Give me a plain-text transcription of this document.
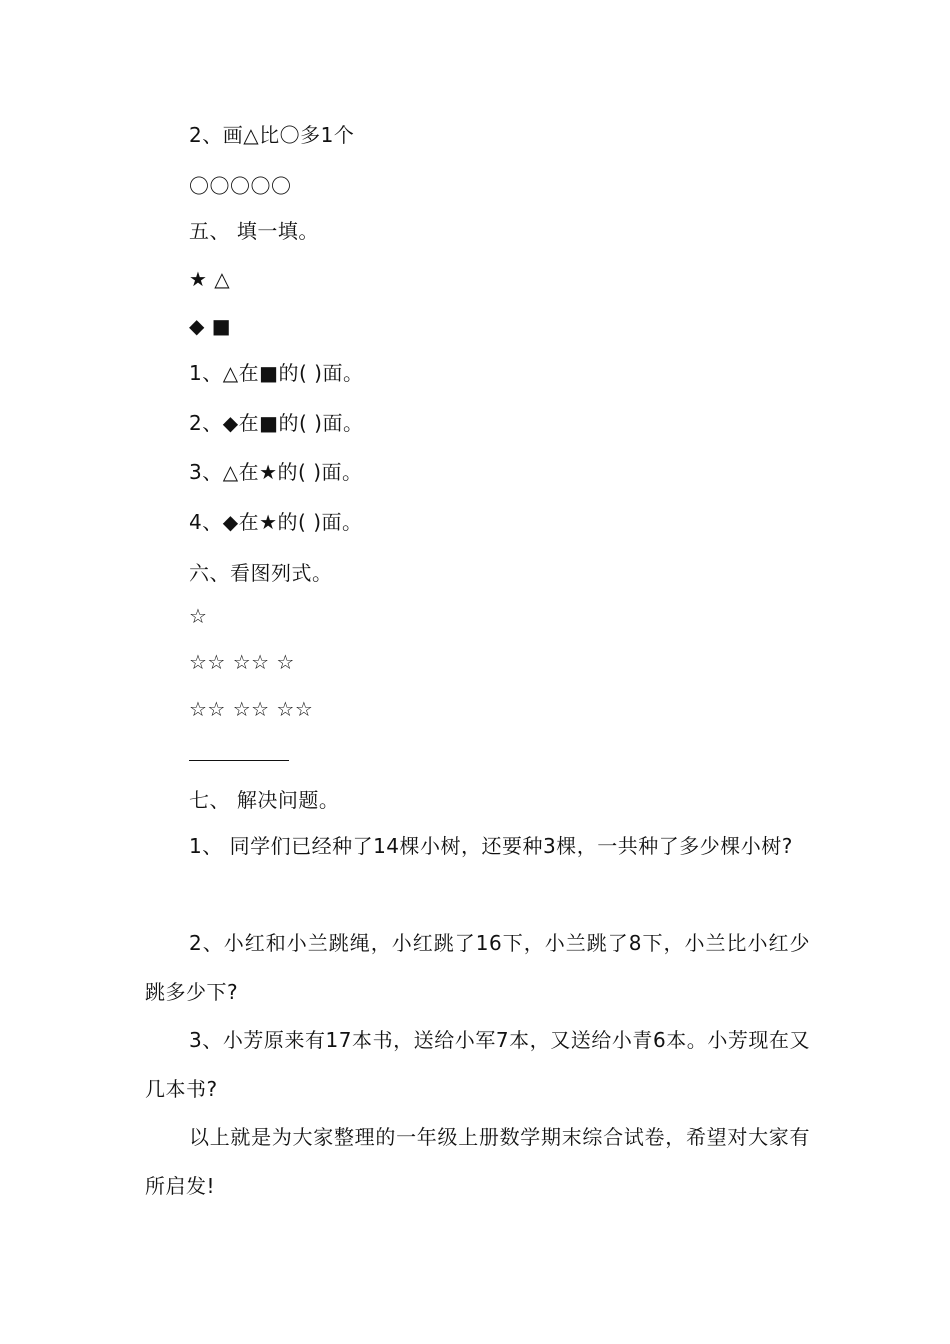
2、画△比〇多1个
〇〇〇〇〇
五、 填一填。
★ △
◆ ■
1、△在■的( )面。
2、◆在■的( )面。
3、△在★的( )面。
4、◆在★的( )面。
六、看图列式。
☆
☆☆ ☆☆ ☆
☆☆ ☆☆ ☆☆
七、 解决问题。
1、 同学们已经种了14棵小树，还要种3棵，一共种了多少棵小树?
2、小红和小兰跳绳，小红跳了16下，小兰跳了8下，小兰比小红少跳多少下?
3、小芳原来有17本书，送给小军7本，又送给小青6本。小芳现在又几本书?
以上就是为大家整理的一年级上册数学期末综合试卷，希望对大家有所启发!
